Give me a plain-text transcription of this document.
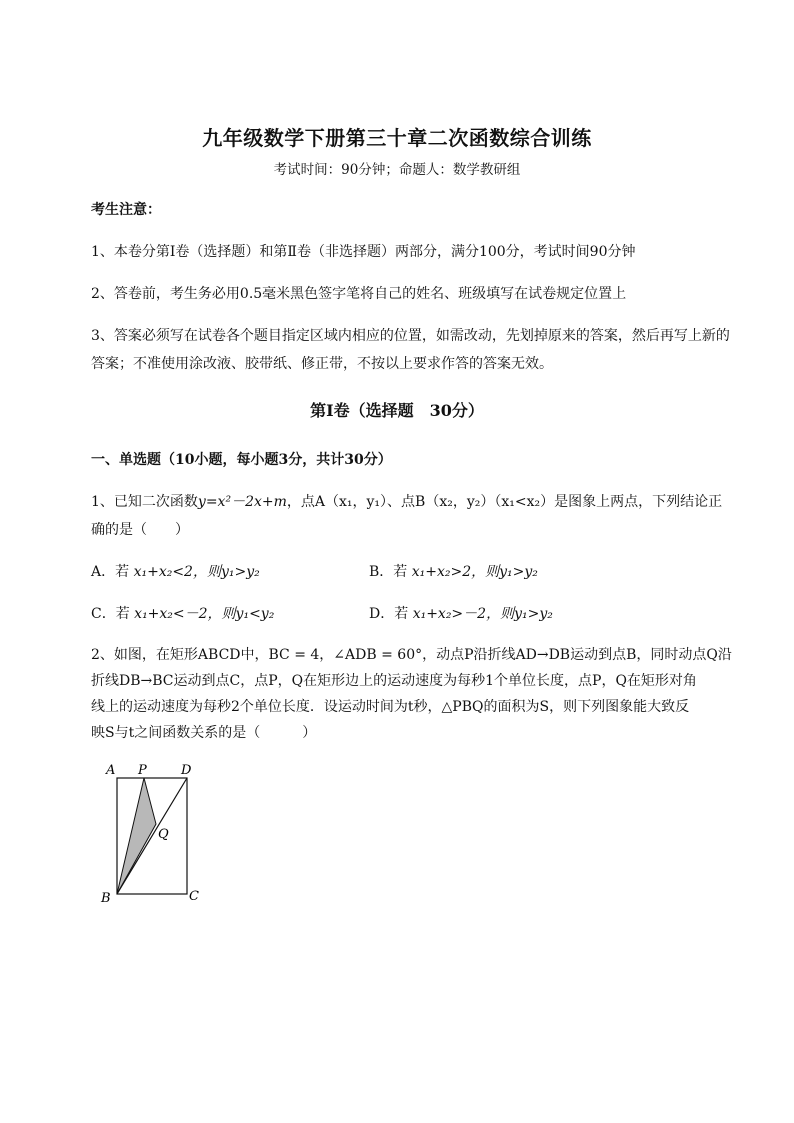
九年级数学下册第三十章二次函数综合训练
考试时间：90分钟；命题人：数学教研组
考生注意：
1、本卷分第Ⅰ卷（选择题）和第Ⅱ卷（非选择题）两部分，满分100分，考试时间90分钟
2、答卷前，考生务必用0.5毫米黑色签字笔将自己的姓名、班级填写在试卷规定位置上
3、答案必须写在试卷各个题目指定区域内相应的位置，如需改动，先划掉原来的答案，然后再写上新的答案；不准使用涂改液、胶带纸、修正带，不按以上要求作答的答案无效。
第Ⅰ卷（选择题　30分）
一、单选题（10小题，每小题3分，共计30分）
1、已知二次函数y=x²－2x+m，点A（x₁，y₁）、点B（x₂，y₂）（x₁<x₂）是图象上两点，下列结论正
确的是（　　）
A．若 x₁+x₂<2，则y₁>y₂	B．若 x₁+x₂>2，则y₁>y₂
C．若 x₁+x₂<－2，则y₁<y₂	D．若 x₁+x₂>－2，则y₁>y₂
2、如图，在矩形ABCD中，BC = 4，∠ADB = 60°，动点P沿折线AD→DB运动到点B，同时动点Q沿
折线DB→BC运动到点C，点P，Q在矩形边上的运动速度为每秒1个单位长度，点P，Q在矩形对角
线上的运动速度为每秒2个单位长度．设运动时间为t秒，△PBQ的面积为S，则下列图象能大致反
映S与t之间函数关系的是（　　　）
A P	D
Q
B	C
